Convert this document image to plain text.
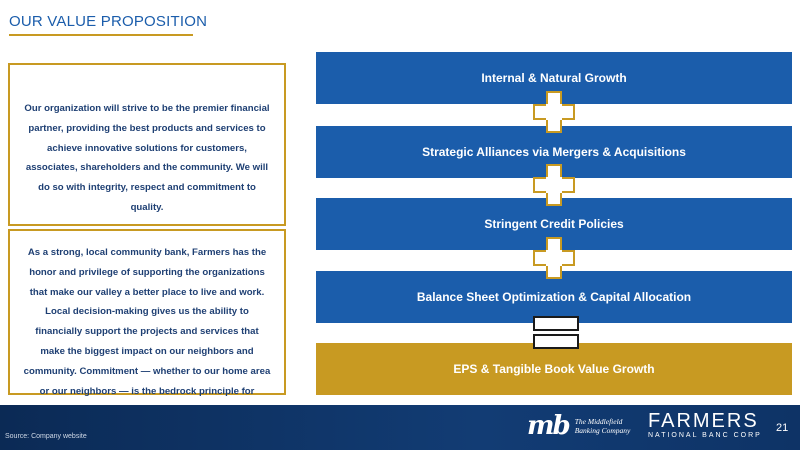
OUR VALUE PROPOSITION

Our organization will strive to be the premier financial partner, providing the best products and services to achieve innovative solutions for customers, associates, shareholders and the community. We will do so with integrity, respect and commitment to quality.

As a strong, local community bank, Farmers has the honor and privilege of supporting the organizations that make our valley a better place to live and work. Local decision-making gives us the ability to financially support the projects and services that make the biggest impact on our neighbors and community. Commitment — whether to our home area or our neighbors — is the bedrock principle for

Internal & Natural Growth
Strategic Alliances via Mergers & Acquisitions
Stringent Credit Policies
Balance Sheet Optimization & Capital Allocation
EPS & Tangible Book Value Growth
Source: Company website	mb The Middlefield
Banking Company FARMERS
NATIONAL BANC CORP
21
